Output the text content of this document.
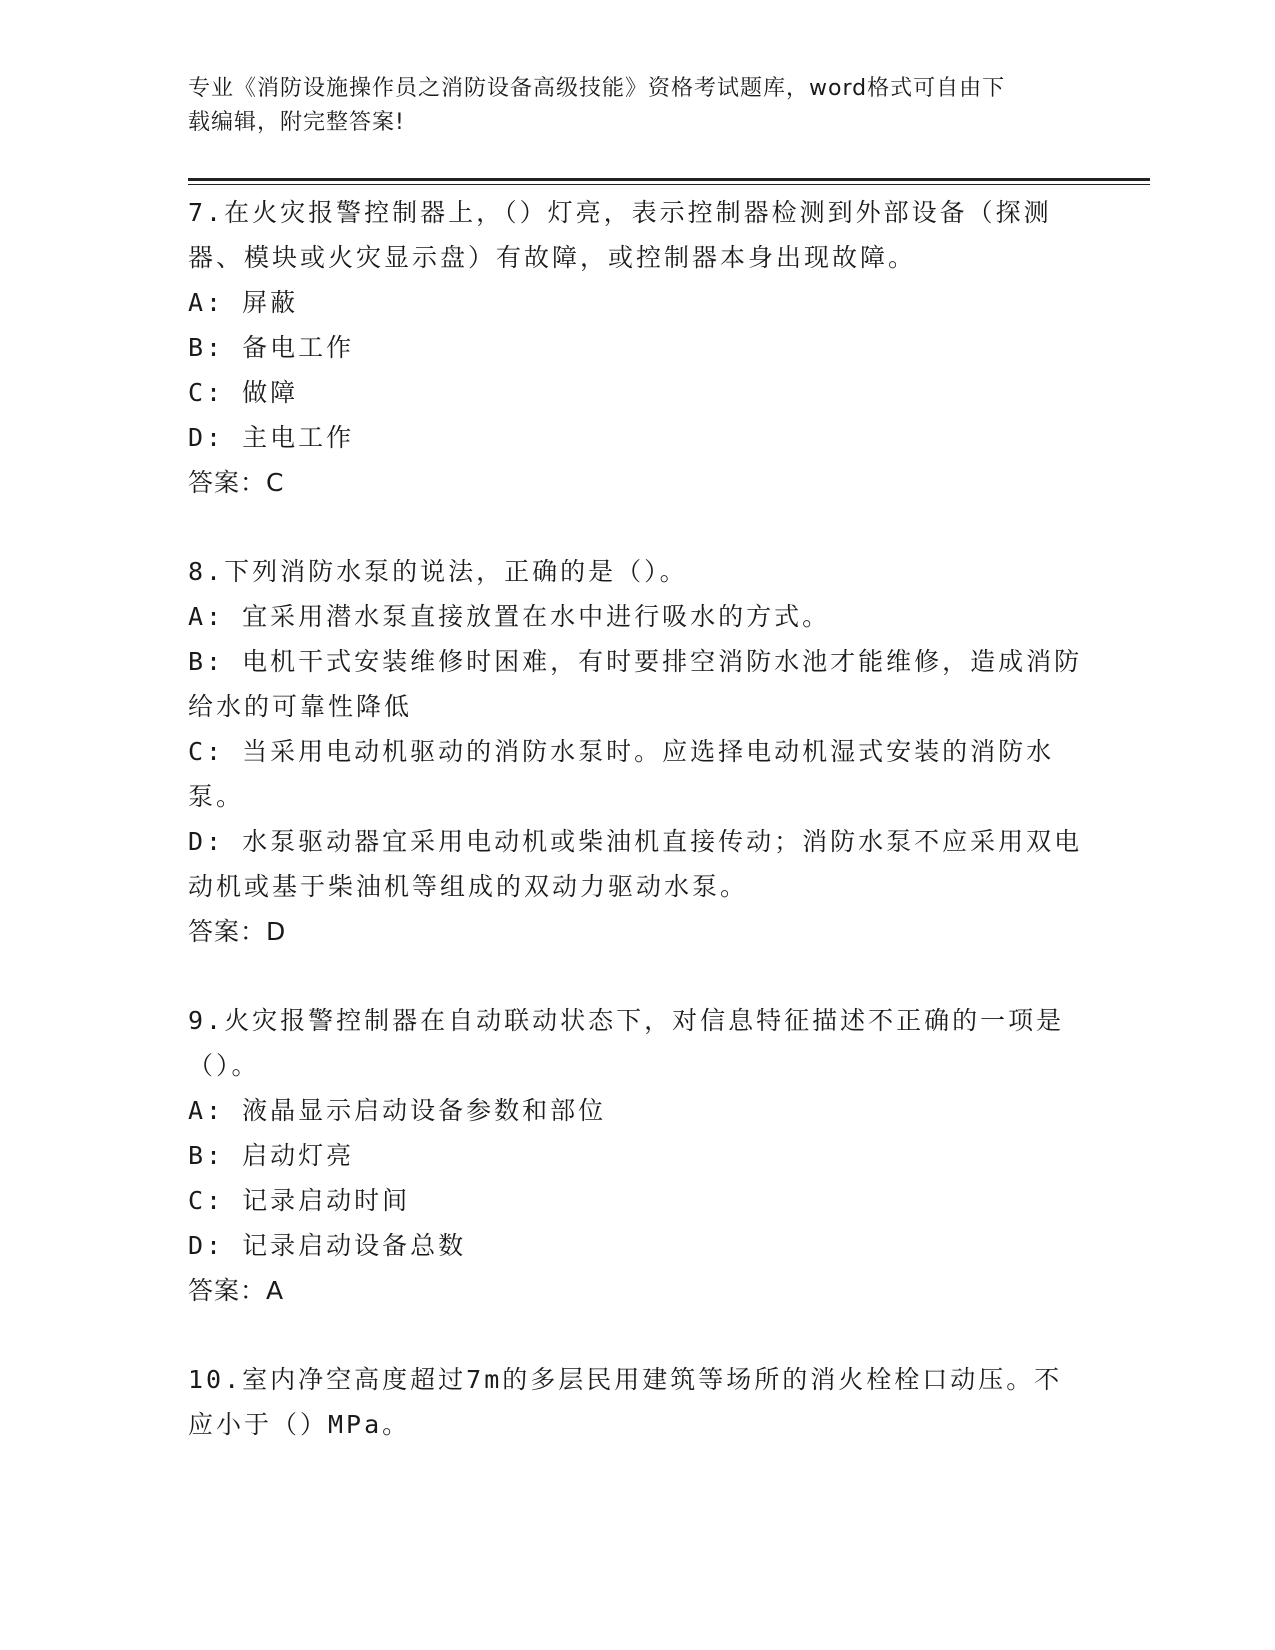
专业《消防设施操作员之消防设备高级技能》资格考试题库，word格式可自由下
载编辑，附完整答案!
7.在火灾报警控制器上，（）灯亮，表示控制器检测到外部设备（探测器、模块或火灾显示盘）有故障，或控制器本身出现故障。
A: 屏蔽
B: 备电工作
C: 做障
D: 主电工作
答案：C
8.下列消防水泵的说法，正确的是（）。
A: 宜采用潜水泵直接放置在水中进行吸水的方式。
B: 电机干式安装维修时困难，有时要排空消防水池才能维修，造成消防给水的可靠性降低
C: 当采用电动机驱动的消防水泵时。应选择电动机湿式安装的消防水泵。
D: 水泵驱动器宜采用电动机或柴油机直接传动；消防水泵不应采用双电动机或基于柴油机等组成的双动力驱动水泵。
答案：D
9.火灾报警控制器在自动联动状态下，对信息特征描述不正确的一项是（）。
A: 液晶显示启动设备参数和部位
B: 启动灯亮
C: 记录启动时间
D: 记录启动设备总数
答案：A
10.室内净空高度超过7m的多层民用建筑等场所的消火栓栓口动压。不应小于（）MPa。
